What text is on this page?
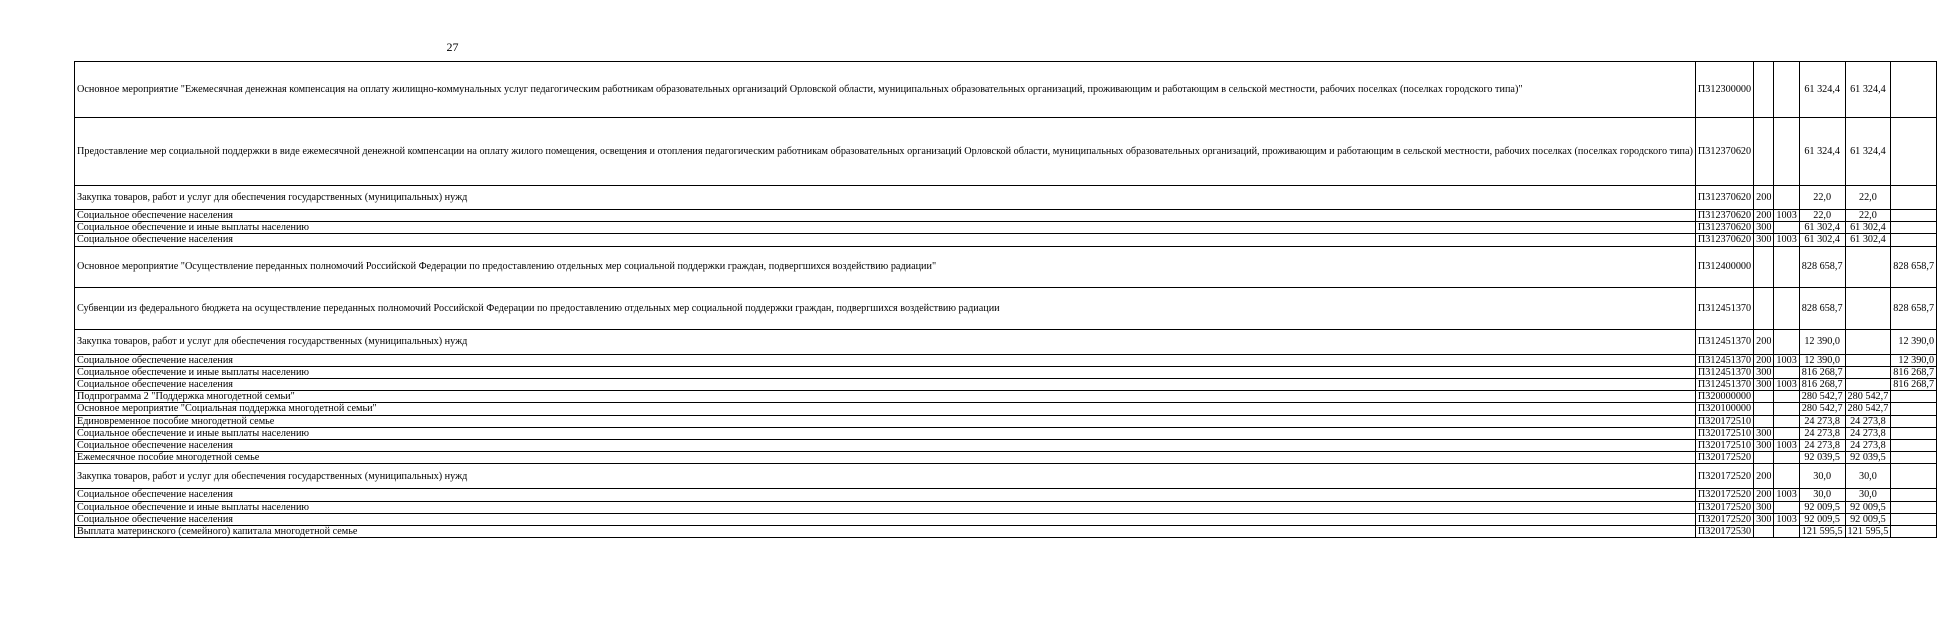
27
Основное мероприятие "Ежемесячная денежная компенсация на оплату жилищно-коммунальных услуг педагогическим работникам образовательных организаций Орловской области, муниципальных образовательных организаций, проживающим и работающим в сельской местности, рабочих поселках (поселках городского типа)"	П312300000			61 324,4	61 324,4	
Предоставление мер социальной поддержки в виде ежемесячной денежной компенсации на оплату жилого помещения, освещения и отопления педагогическим работникам образовательных организаций Орловской области, муниципальных образовательных организаций, проживающим и работающим в сельской местности, рабочих поселках (поселках городского типа)	П312370620			61 324,4	61 324,4	
Закупка товаров, работ и услуг для обеспечения государственных (муниципальных) нужд	П312370620	200		22,0	22,0	
Социальное обеспечение населения	П312370620	200	1003	22,0	22,0	
Социальное обеспечение и иные выплаты населению	П312370620	300		61 302,4	61 302,4	
Социальное обеспечение населения	П312370620	300	1003	61 302,4	61 302,4	
Основное мероприятие "Осуществление переданных полномочий Российской Федерации по предоставлению отдельных мер социальной поддержки граждан, подвергшихся воздействию радиации"	П312400000			828 658,7		828 658,7
Субвенции из федерального бюджета на осуществление переданных полномочий Российской Федерации по предоставлению отдельных мер социальной поддержки граждан, подвергшихся воздействию радиации	П312451370			828 658,7		828 658,7
Закупка товаров, работ и услуг для обеспечения государственных (муниципальных) нужд	П312451370	200		12 390,0		12 390,0
Социальное обеспечение населения	П312451370	200	1003	12 390,0		12 390,0
Социальное обеспечение и иные выплаты населению	П312451370	300		816 268,7		816 268,7
Социальное обеспечение населения	П312451370	300	1003	816 268,7		816 268,7
Подпрограмма 2 "Поддержка многодетной семьи"	П320000000			280 542,7	280 542,7	
Основное мероприятие "Социальная поддержка многодетной семьи"	П320100000			280 542,7	280 542,7	
Единовременное пособие многодетной семье	П320172510			24 273,8	24 273,8	
Социальное обеспечение и иные выплаты населению	П320172510	300		24 273,8	24 273,8	
Социальное обеспечение населения	П320172510	300	1003	24 273,8	24 273,8	
Ежемесячное пособие многодетной семье	П320172520			92 039,5	92 039,5	
Закупка товаров, работ и услуг для обеспечения государственных (муниципальных) нужд	П320172520	200		30,0	30,0	
Социальное обеспечение населения	П320172520	200	1003	30,0	30,0	
Социальное обеспечение и иные выплаты населению	П320172520	300		92 009,5	92 009,5	
Социальное обеспечение населения	П320172520	300	1003	92 009,5	92 009,5	
Выплата материнского (семейного) капитала многодетной семье	П320172530			121 595,5	121 595,5	
